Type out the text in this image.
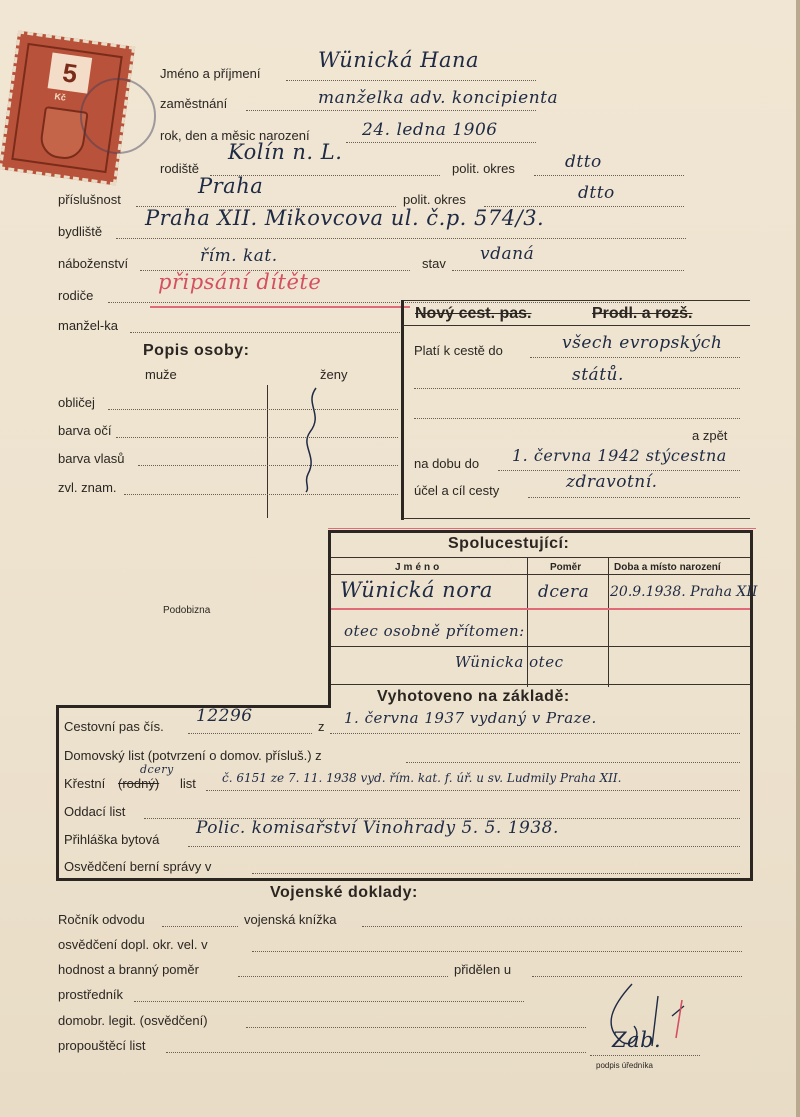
5
Kč
Jméno a příjmení
Wünická Hana
zaměstnání	manželka adv. koncipienta
rok, den a měsic narození	24. ledna 1906
rodiště
Kolín n. L.
polit. okres	dtto
příslušnost
Praha
polit. okres	dtto
bydliště
Praha XII. Mikovcova ul. č.p. 574/3.
náboženství	řím. kat.	stav vdaná
rodiče
připsání dítěte
manžel-ka
Nový cest. pas.	Prodl. a rozš.
Platí k cestě do	všech evropských
států.
a zpět
na dobu do 1. června 1942 stýcestna
účel a cíl cesty	zdravotní.
Popis osoby:
muže	ženy
obličej
barva očí
barva vlasů
zvl. znam.
Spolucestující:
Jméno	Poměr	Doba a místo narození
Wünická nora	dcera 20.9.1938. Praha XII
otec osobně přítomen:
Wünicka otec
Podobizna
Vyhotoveno na základě:
Cestovní pas čís.
12296
z 1. června 1937 vydaný v Praze.
Domovský list (potvrzení o domov. přísluš.) z
Křestní (rodný)
dcery
list č. 6151 ze 7. 11. 1938 vyd. řím. kat. f. úř. u sv. Ludmily Praha XII.
Oddací list
Přihláška bytová
Polic. komisařství Vinohrady 5. 5. 1938.
Osvědčení berní správy v
Vojenské doklady:
Ročník odvodu	vojenská knížka
osvědčení dopl. okr. vel. v
hodnost a branný poměr	přidělen u
prostředník
domobr. legit. (osvědčení)
propouštěcí list	Zab.
podpis úředníka
